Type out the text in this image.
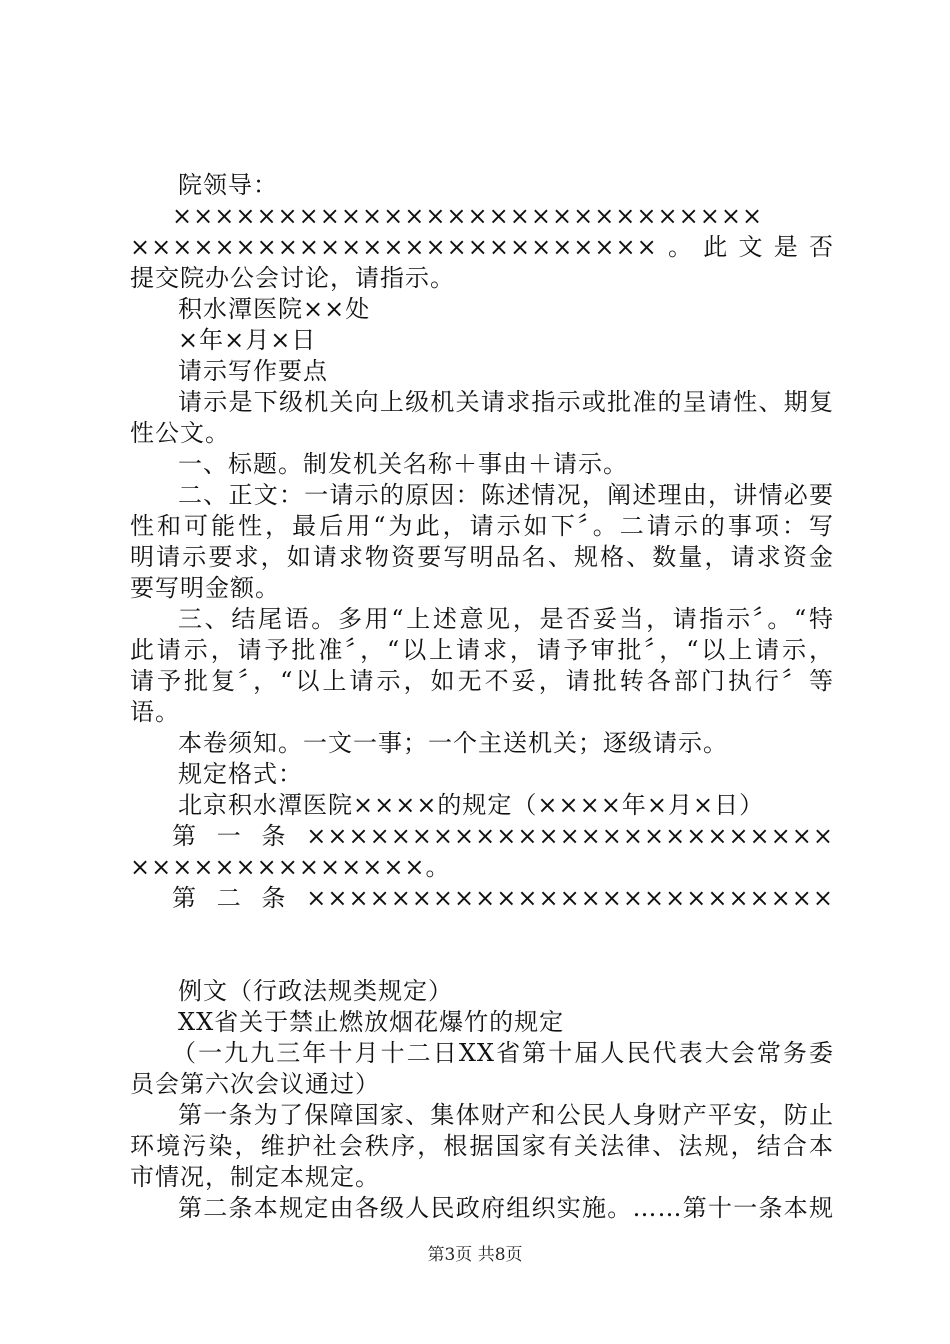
院领导：
××××××××××××××××××××××××××××
×××××××××××××××××××××××××。此文是否
提交院办公会讨论，请指示。
积水潭医院××处
×年×月×日
请示写作要点
请示是下级机关向上级机关请求指示或批准的呈请性、期复
性公文。
一、标题。制发机关名称＋事由＋请示。
二、正文：一请示的原因：陈述情况，阐述理由，讲情必要
性和可能性，最后用“为此，请示如下〞。二请示的事项：写
明请示要求，如请求物资要写明品名、规格、数量，请求资金
要写明金额。
三、结尾语。多用“上述意见，是否妥当，请指示〞。“特
此请示，请予批准〞，“以上请求，请予审批〞，“以上请示，
请予批复〞，“以上请示，如无不妥，请批转各部门执行〞等
语。
本卷须知。一文一事；一个主送机关；逐级请示。
规定格式：
北京积水潭医院××××的规定（××××年×月×日）
第一条×××××××××××××××××××××××××
××××××××××××××。
第二条×××××××××××××××××××××××××
例文（行政法规类规定）
XX省关于禁止燃放烟花爆竹的规定
（一九九三年十月十二日XX省第十届人民代表大会常务委
员会第六次会议通过）
第一条为了保障国家、集体财产和公民人身财产平安，防止
环境污染，维护社会秩序，根据国家有关法律、法规，结合本
市情况，制定本规定。
第二条本规定由各级人民政府组织实施。……第十一条本规
第3页 共8页
